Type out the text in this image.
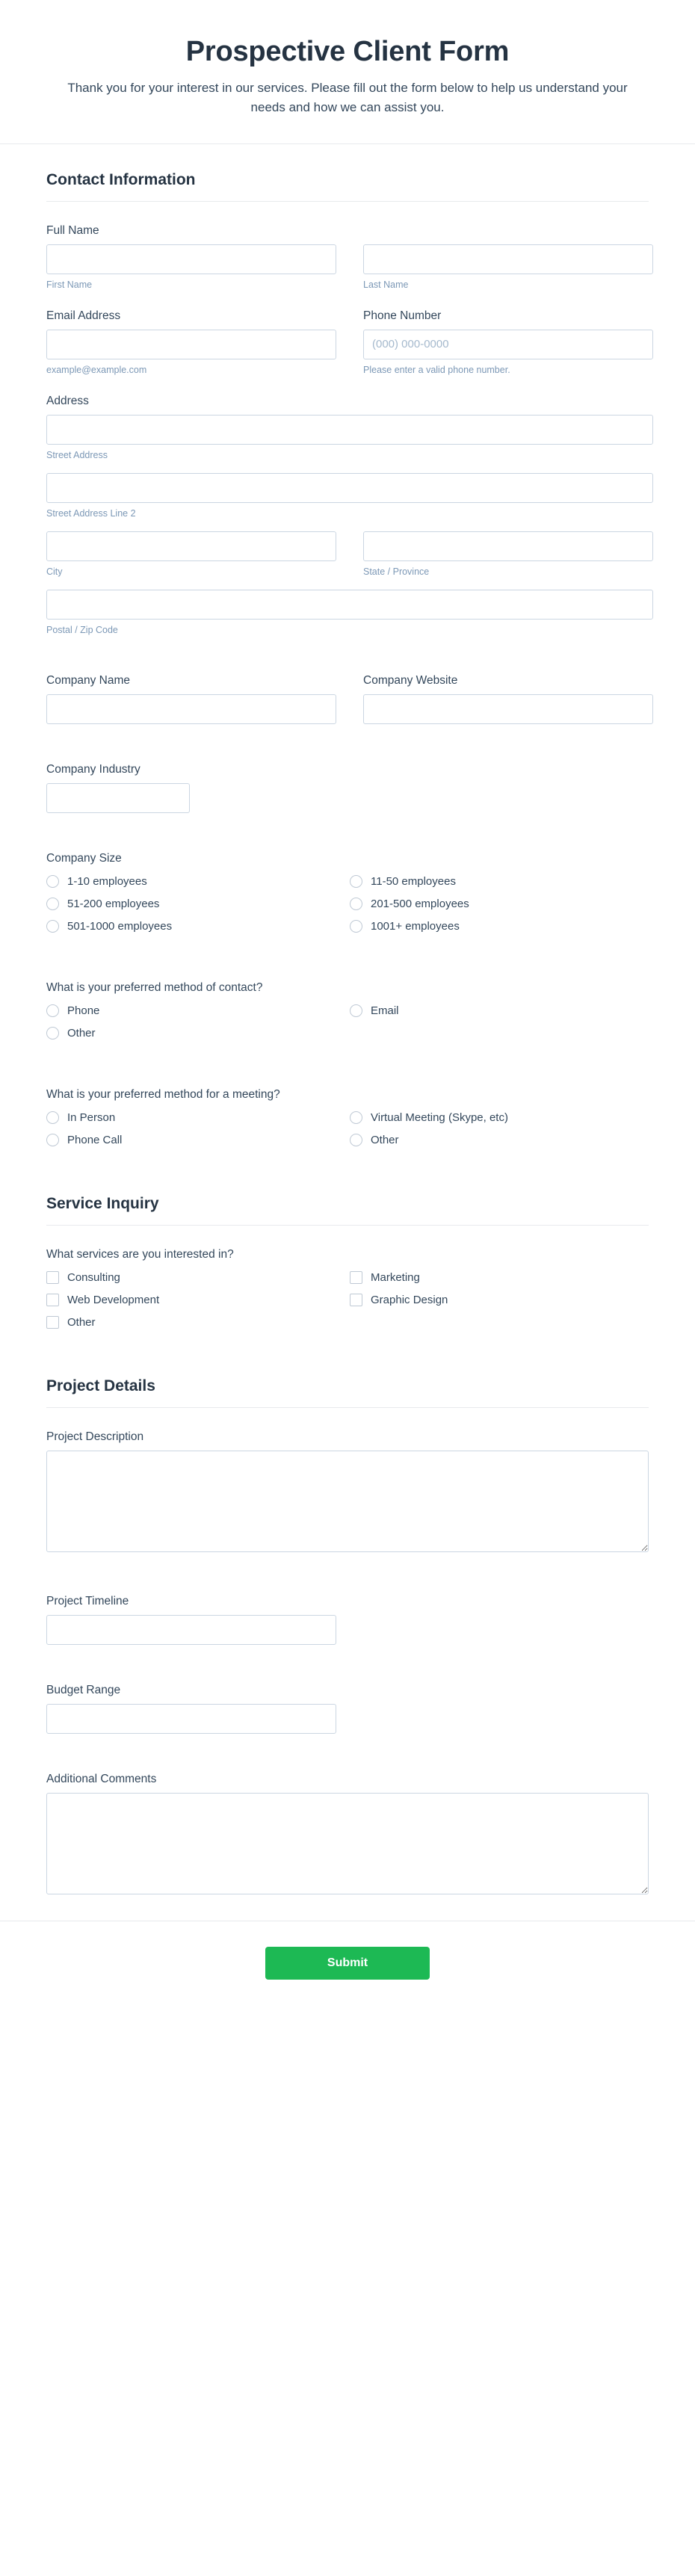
Prospective Client Form

Thank you for your interest in our services. Please fill out the form below to help us understand your needs and how we can assist you.

Contact Information
Full Name
First Name	Last Name
Email Address
example@example.com
Phone Number
(000) 000-0000
Please enter a valid phone number.
Address
Street Address
Street Address Line 2
City	State / Province
Postal / Zip Code
Company Name	Company Website
Company Industry
Company Size
1-10 employees	11-50 employees
51-200 employees	201-500 employees
501-1000 employees	1001+ employees
What is your preferred method of contact?
Phone	Email
Other
What is your preferred method for a meeting?
In Person	Virtual Meeting (Skype, etc)
Phone Call	Other
Service Inquiry
What services are you interested in?
Consulting	Marketing
Web Development	Graphic Design
Other
Project Details
Project Description
Project Timeline
Budget Range
Additional Comments
Submit
